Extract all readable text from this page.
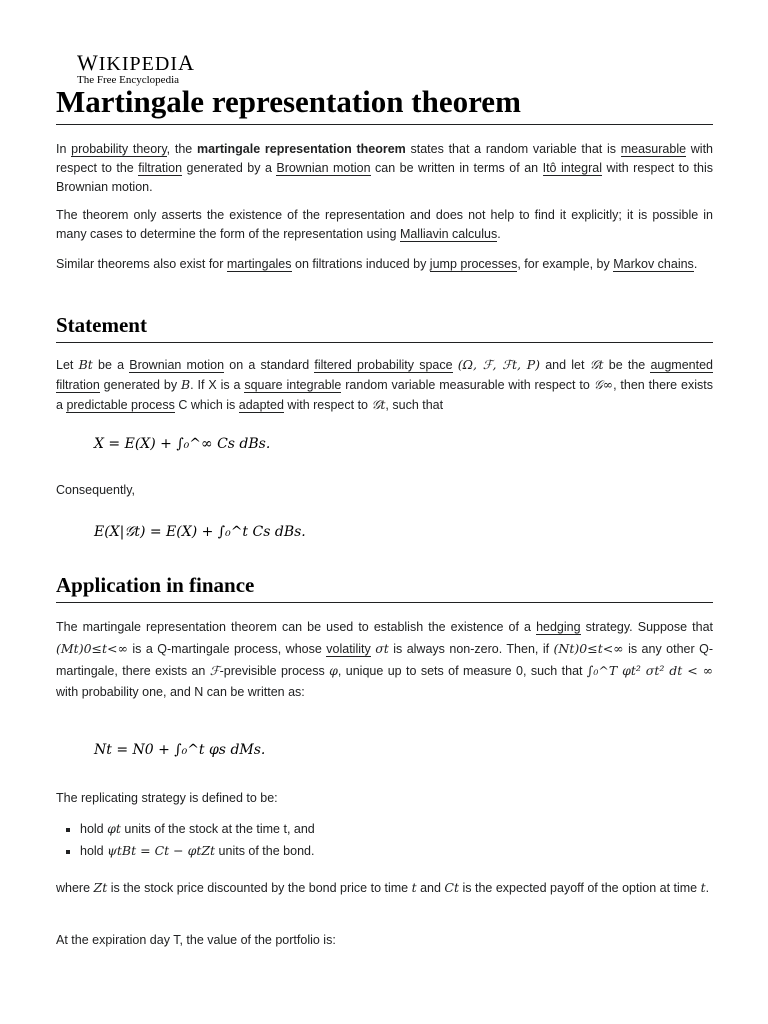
WIKIPEDIA
The Free Encyclopedia
Martingale representation theorem

In probability theory, the martingale representation theorem states that a random variable that is measurable with respect to the filtration generated by a Brownian motion can be written in terms of an Itô integral with respect to this Brownian motion.

The theorem only asserts the existence of the representation and does not help to find it explicitly; it is possible in many cases to determine the form of the representation using Malliavin calculus.

Similar theorems also exist for martingales on filtrations induced by jump processes, for example, by Markov chains.

Statement

Let Bt be a Brownian motion on a standard filtered probability space (Ω, ℱ, ℱt, P) and let 𝒢t be the augmented filtration generated by B. If X is a square integrable random variable measurable with respect to 𝒢∞, then there exists a predictable process C which is adapted with respect to 𝒢t, such that

X = E(X) + ∫₀^∞ Cs dBs.

Consequently,

E(X|𝒢t) = E(X) + ∫₀^t Cs dBs.
Application in finance

The martingale representation theorem can be used to establish the existence of a hedging strategy. Suppose that (Mt)0≤t<∞ is a Q-martingale process, whose volatility σt is always non-zero. Then, if (Nt)0≤t<∞ is any other Q-martingale, there exists an ℱ-previsible process φ, unique up to sets of measure 0, such that ∫₀^T φt² σt² dt < ∞ with probability one, and N can be written as:

Nt = N0 + ∫₀^t φs dMs.

The replicating strategy is defined to be:

▪ hold φt units of the stock at the time t, and
▪ hold ψtBt = Ct − φtZt units of the bond.

where Zt is the stock price discounted by the bond price to time t and Ct is the expected payoff of the option at time t.

At the expiration day T, the value of the portfolio is:
